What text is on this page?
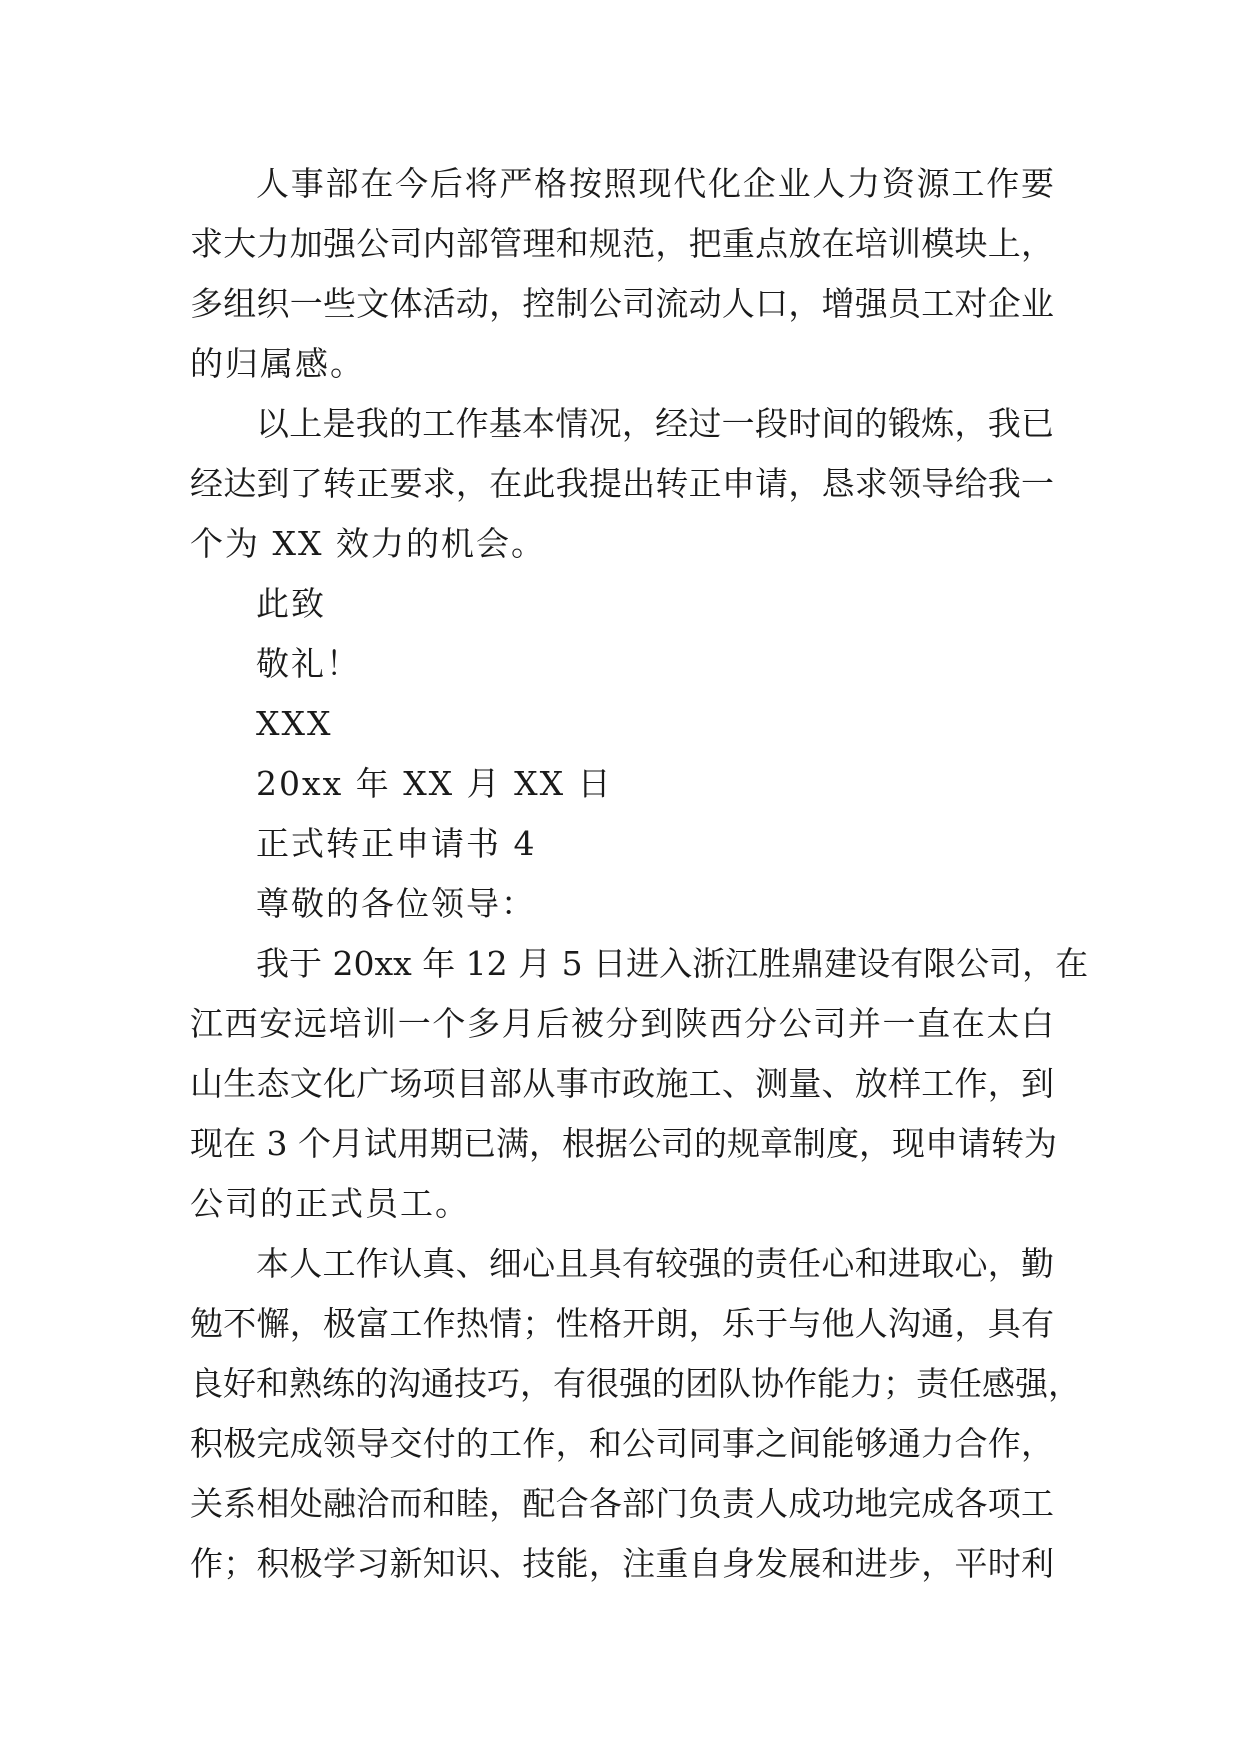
人事部在今后将严格按照现代化企业人力资源工作要
求大力加强公司内部管理和规范，把重点放在培训模块上，
多组织一些文体活动，控制公司流动人口，增强员工对企业
的归属感。
以上是我的工作基本情况，经过一段时间的锻炼，我已
经达到了转正要求，在此我提出转正申请，恳求领导给我一
个为 XX 效力的机会。
此致
敬礼！
XXX
20xx 年 XX 月 XX 日
正式转正申请书 4
尊敬的各位领导：
我于 20xx 年 12 月 5 日进入浙江胜鼎建设有限公司，在
江西安远培训一个多月后被分到陕西分公司并一直在太白
山生态文化广场项目部从事市政施工、测量、放样工作，到
现在 3 个月试用期已满，根据公司的规章制度，现申请转为
公司的正式员工。
本人工作认真、细心且具有较强的责任心和进取心，勤
勉不懈，极富工作热情；性格开朗，乐于与他人沟通，具有
良好和熟练的沟通技巧，有很强的团队协作能力；责任感强，
积极完成领导交付的工作，和公司同事之间能够通力合作，
关系相处融洽而和睦，配合各部门负责人成功地完成各项工
作；积极学习新知识、技能，注重自身发展和进步，平时利
